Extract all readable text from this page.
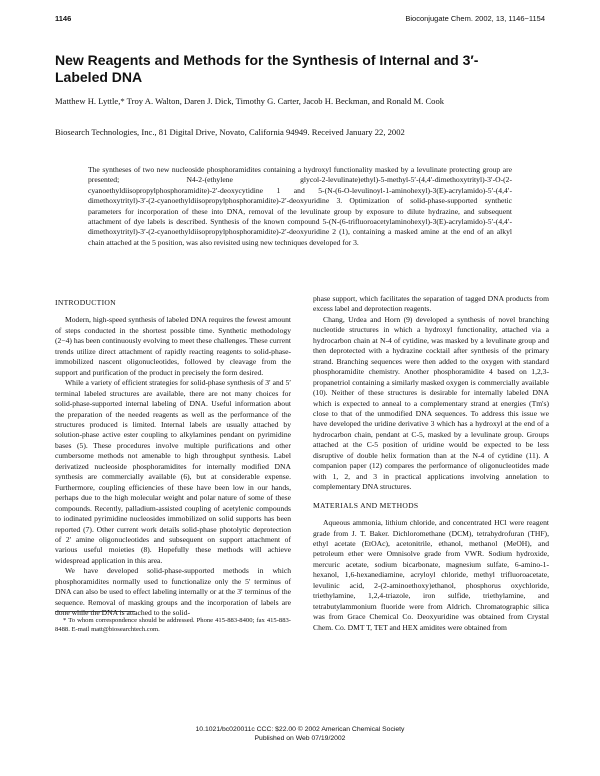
1146	Bioconjugate Chem. 2002, 13, 1146−1154
New Reagents and Methods for the Synthesis of Internal and 3′-Labeled DNA

Matthew H. Lyttle,* Troy A. Walton, Daren J. Dick, Timothy G. Carter, Jacob H. Beckman, and Ronald M. Cook

Biosearch Technologies, Inc., 81 Digital Drive, Novato, California 94949. Received January 22, 2002

The syntheses of two new nucleoside phosphoramidites containing a hydroxyl functionality masked by a levulinate protecting group are presented; N4-2-(ethylene glycol-2-levulinate)ethyl)-5-methyl-5′-(4,4′-dimethoxytrityl)-3′-O-(2-cyanoethyldiisopropylphosphoramidite)-2′-deoxycytidine 1 and 5-(N-(6-O-levulinoyl-1-aminohexyl)-3(E)-acrylamido)-5′-(4,4′-dimethoxytrityl)-3′-(2-cyanoethyldiisopropylphosphoramidite)-2′-deoxyuridine 3. Optimization of solid-phase-supported synthetic parameters for incorporation of these into DNA, removal of the levulinate group by exposure to dilute hydrazine, and subsequent attachment of dye labels is described. Synthesis of the known compound 5-(N-(6-trifluoroacetylaminohexyl)-3(E)-acrylamido)-5′-(4,4′-dimethoxytrityl)-3′-(2-cyanoethyldiisopropylphosphoramidite)-2′-deoxyuridine 2 (1), containing a masked amine at the end of an alkyl chain attached at the 5 position, was also revisited using new techniques developed for 3.

INTRODUCTION

Modern, high-speed synthesis of labeled DNA requires the fewest amount of steps conducted in the shortest possible time. Synthetic methodology (2−4) has been continuously evolving to meet these challenges. These current trends utilize direct attachment of rapidly reacting reagents to solid-phase-immobilized nascent oligonucleotides, followed by cleavage from the support and purification of the product in precisely the form desired.

While a variety of efficient strategies for solid-phase synthesis of 3′ and 5′ terminal labeled structures are available, there are not many choices for solid-phase-supported internal labeling of DNA. Useful information about the preparation of the needed reagents as well as the performance of the structures produced is limited. Internal labels are usually attached by solution-phase active ester coupling to alkylamines pendant on pyrimidine bases (5). These procedures involve multiple purifications and other cumbersome methods not amenable to high throughput synthesis. Label derivatized nucleoside phosphoramidites for internally modified DNA synthesis are commercially available (6), but at considerable expense. Furthermore, coupling efficiencies of these have been low in our hands, perhaps due to the high molecular weight and polar nature of some of these compounds. Recently, palladium-assisted coupling of acetylenic compounds to iodinated pyrimidine nucleosides immobilized on solid supports has been reported (7). Other current work details solid-phase photolytic deprotection of 2′ amine oligonucleotides and subsequent on support attachment of various useful moieties (8). Hopefully these methods will achieve widespread application in this area.

We have developed solid-phase-supported methods in which phosphoramidites normally used to functionalize only the 5′ terminus of DNA can also be used to effect labeling internally or at the 3′ terminus of the sequence. Removal of masking groups and the incorporation of labels are done while the DNA is attached to the solid-

* To whom correspondence should be addressed. Phone 415-883-8400; fax 415-883-8488. E-mail matt@biosearchtech.com.

phase support, which facilitates the separation of tagged DNA products from excess label and deprotection reagents.

Chang, Urdea and Horn (9) developed a synthesis of novel branching nucleotide structures in which a hydroxyl functionality, attached via a hydrocarbon chain at N-4 of cytidine, was masked by a levulinate group and then deprotected with a hydrazine cocktail after synthesis of the primary strand. Branching sequences were then added to the oxygen with standard phosphoramidite chemistry. Another phosphoramidite 4 based on 1,2,3-propanetriol containing a similarly masked oxygen is commercially available (10). Neither of these structures is desirable for internally labeled DNA which is expected to anneal to a complementary strand at energies (Tm's) close to that of the unmodified DNA sequences. To address this issue we have developed the uridine derivative 3 which has a hydroxyl at the end of a hydrocarbon chain, pendant at C-5, masked by a levulinate group. Groups attached at the C-5 position of uridine would be expected to be less disruptive of double helix formation than at the N-4 of cytidine (11). A companion paper (12) compares the performance of oligonucleotides made with 1, 2, and 3 in practical applications involving annelation to complementary DNA structures.

MATERIALS AND METHODS

Aqueous ammonia, lithium chloride, and concentrated HCl were reagent grade from J. T. Baker. Dichloromethane (DCM), tetrahydrofuran (THF), ethyl acetate (EtOAc), acetonitrile, ethanol, methanol (MeOH), and petroleum ether were Omnisolve grade from VWR. Sodium hydroxide, mercuric acetate, sodium bicarbonate, magnesium sulfate, 6-amino-1-hexanol, 1,6-hexanediamine, acryloyl chloride, methyl trifluoroacetate, levulinic acid, 2-(2-aminoethoxy)ethanol, phosphorus oxychloride, triethylamine, 1,2,4-triazole, iron sulfide, triethylamine, and tetrabutylammonium fluoride were from Aldrich. Chromatographic silica was from Grace Chemical Co. Deoxyuridine was obtained from Crystal Chem. Co. DMT T, TET and HEX amidites were obtained from

10.1021/bc020011c CCC: $22.00 © 2002 American Chemical Society

Published on Web 07/19/2002
